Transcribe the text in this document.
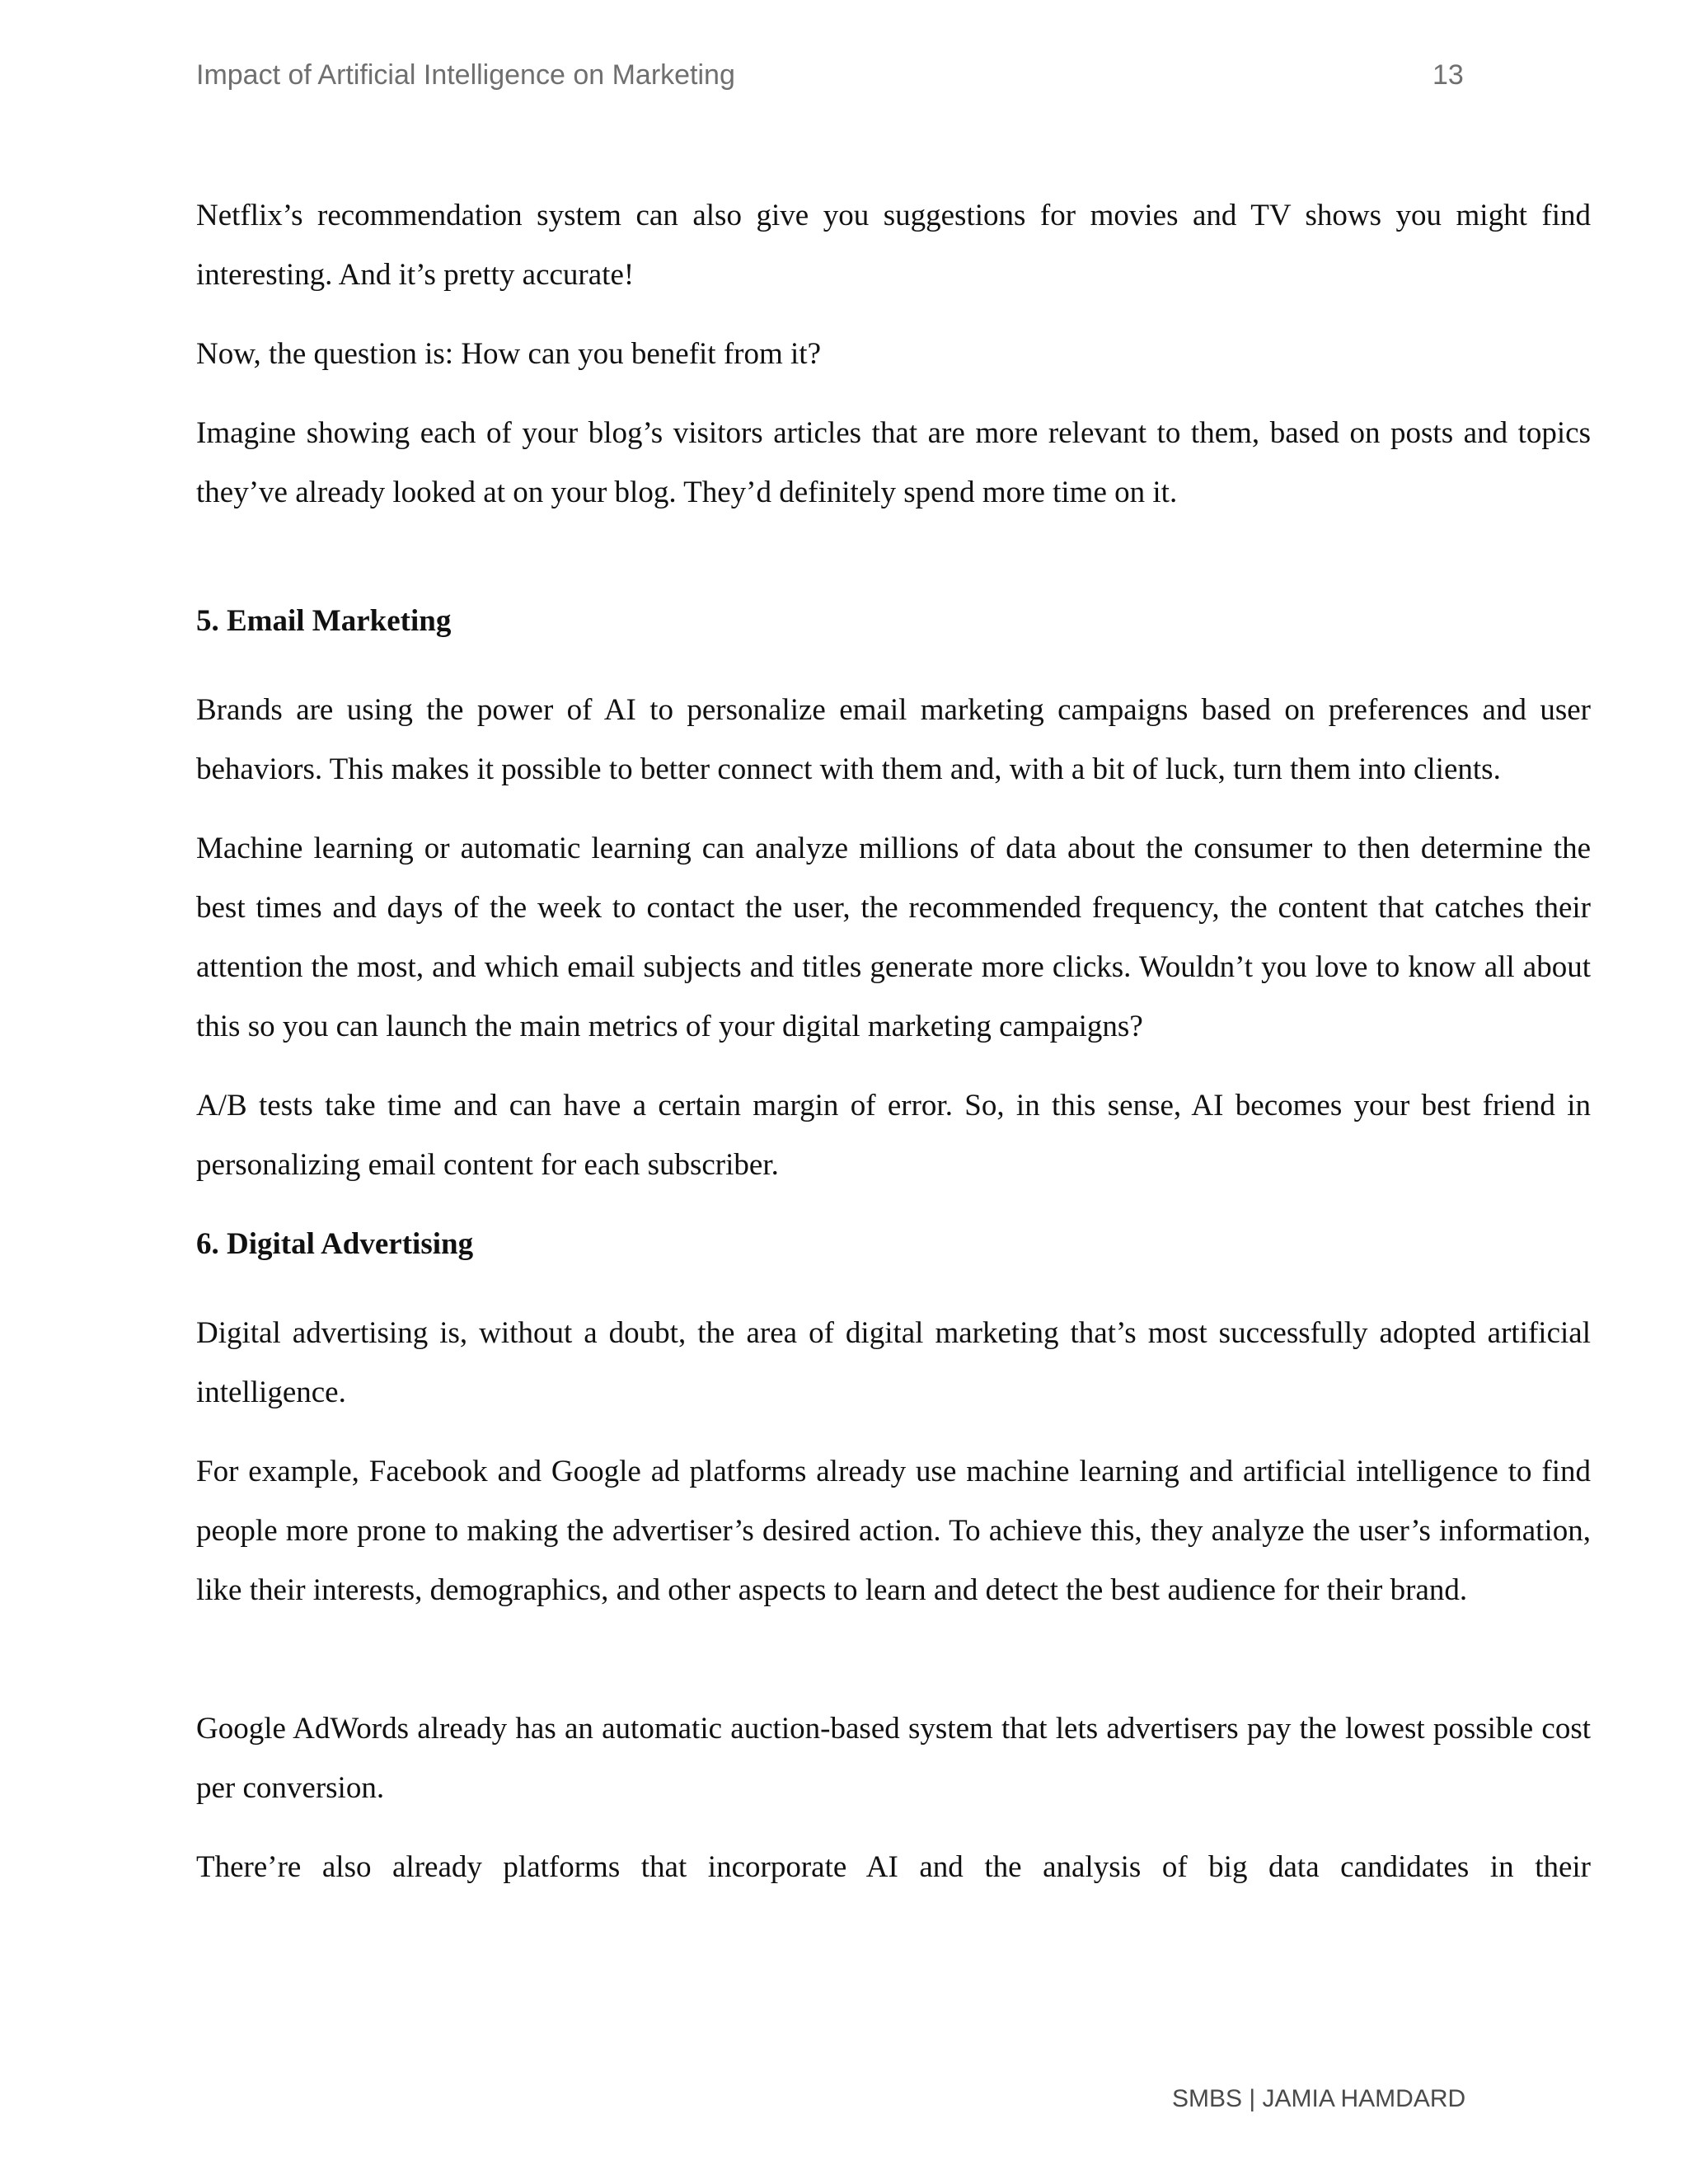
Impact of Artificial Intelligence on Marketing	13

Netflix’s recommendation system can also give you suggestions for movies and TV shows you might find interesting. And it’s pretty accurate!

Now, the question is: How can you benefit from it?

Imagine showing each of your blog’s visitors articles that are more relevant to them, based on posts and topics they’ve already looked at on your blog. They’d definitely spend more time on it.

5. Email Marketing

Brands are using the power of AI to personalize email marketing campaigns based on preferences and user behaviors. This makes it possible to better connect with them and, with a bit of luck, turn them into clients.

Machine learning or automatic learning can analyze millions of data about the consumer to then determine the best times and days of the week to contact the user, the recommended frequency, the content that catches their attention the most, and which email subjects and titles generate more clicks. Wouldn’t you love to know all about this so you can launch the main metrics of your digital marketing campaigns?

A/B tests take time and can have a certain margin of error. So, in this sense, AI becomes your best friend in personalizing email content for each subscriber.

6. Digital Advertising

Digital advertising is, without a doubt, the area of digital marketing that’s most successfully adopted artificial intelligence.

For example, Facebook and Google ad platforms already use machine learning and artificial intelligence to find people more prone to making the advertiser’s desired action. To achieve this, they analyze the user’s information, like their interests, demographics, and other aspects to learn and detect the best audience for their brand.

Google AdWords already has an automatic auction-based system that lets advertisers pay the lowest possible cost per conversion.

There’re also already platforms that incorporate AI and the analysis of big data candidates in their

SMBS | JAMIA HAMDARD
